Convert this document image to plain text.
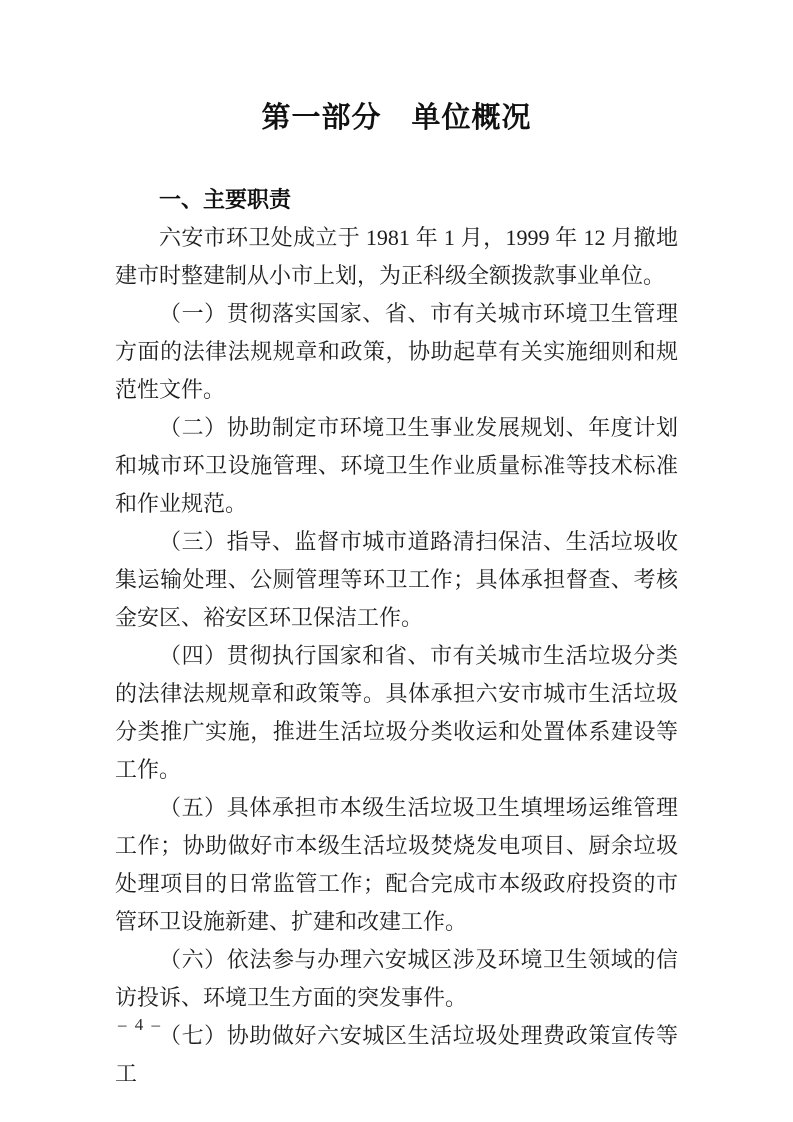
第一部分　单位概况
一、主要职责

六安市环卫处成立于 1981 年 1 月，1999 年 12 月撤地建市时整建制从小市上划，为正科级全额拨款事业单位。

（一）贯彻落实国家、省、市有关城市环境卫生管理方面的法律法规规章和政策，协助起草有关实施细则和规范性文件。

（二）协助制定市环境卫生事业发展规划、年度计划和城市环卫设施管理、环境卫生作业质量标准等技术标准和作业规范。

（三）指导、监督市城市道路清扫保洁、生活垃圾收集运输处理、公厕管理等环卫工作；具体承担督查、考核金安区、裕安区环卫保洁工作。

（四）贯彻执行国家和省、市有关城市生活垃圾分类的法律法规规章和政策等。具体承担六安市城市生活垃圾分类推广实施，推进生活垃圾分类收运和处置体系建设等工作。

（五）具体承担市本级生活垃圾卫生填埋场运维管理工作；协助做好市本级生活垃圾焚烧发电项目、厨余垃圾处理项目的日常监管工作；配合完成市本级政府投资的市管环卫设施新建、扩建和改建工作。

（六）依法参与办理六安城区涉及环境卫生领域的信访投诉、环境卫生方面的突发事件。

（七）协助做好六安城区生活垃圾处理费政策宣传等工

– 4 –
